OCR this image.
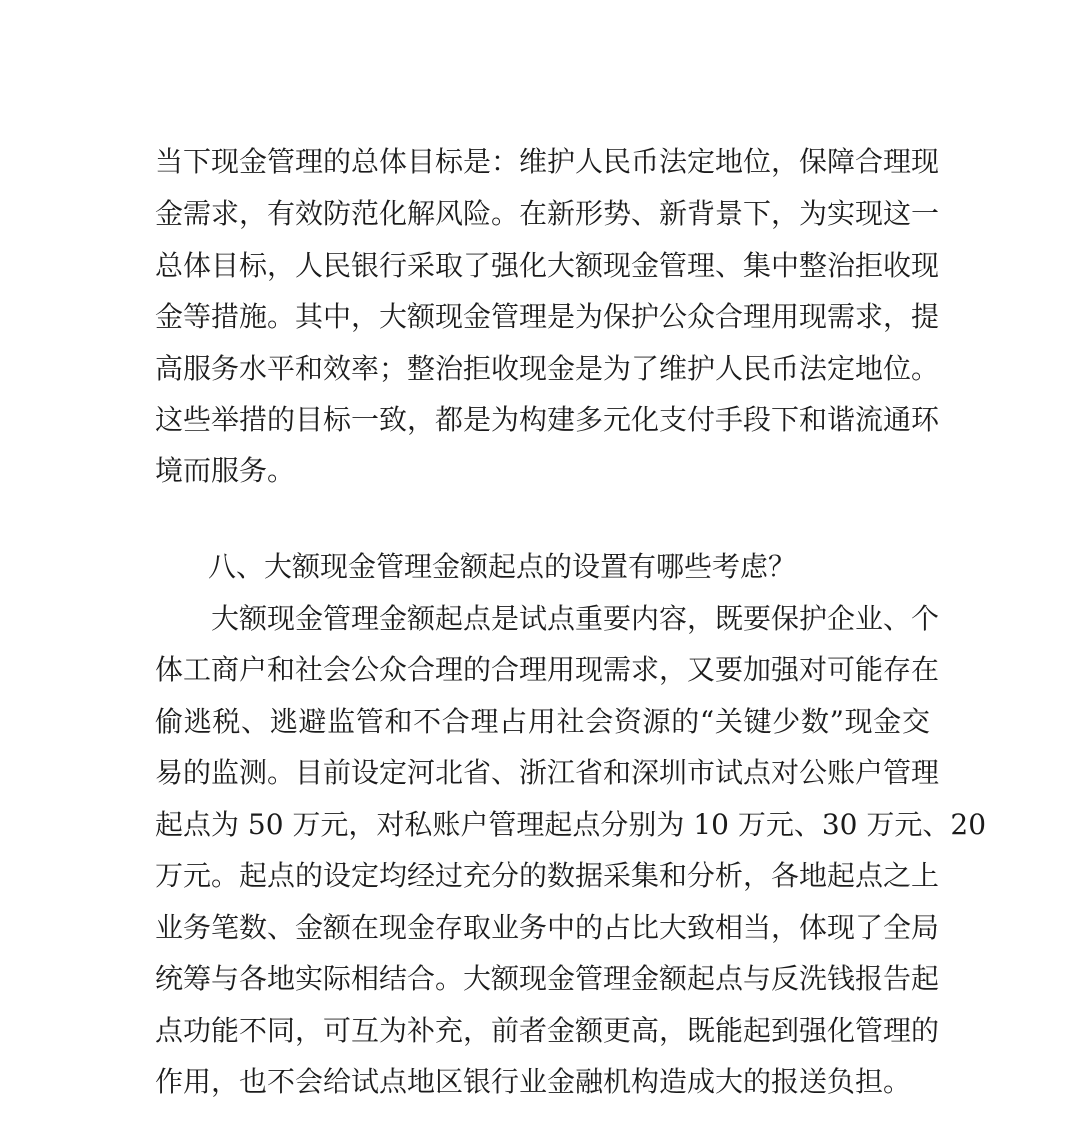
当下现金管理的总体目标是：维护人民币法定地位，保障合理现
金需求，有效防范化解风险。在新形势、新背景下，为实现这一
总体目标，人民银行采取了强化大额现金管理、集中整治拒收现
金等措施。其中，大额现金管理是为保护公众合理用现需求，提
高服务水平和效率；整治拒收现金是为了维护人民币法定地位。
这些举措的目标一致，都是为构建多元化支付手段下和谐流通环
境而服务。
八、大额现金管理金额起点的设置有哪些考虑？
大额现金管理金额起点是试点重要内容，既要保护企业、个
体工商户和社会公众合理的合理用现需求，又要加强对可能存在
偷逃税、逃避监管和不合理占用社会资源的“关键少数”现金交
易的监测。目前设定河北省、浙江省和深圳市试点对公账户管理
起点为 50 万元，对私账户管理起点分别为 10 万元、30 万元、20
万元。起点的设定均经过充分的数据采集和分析，各地起点之上
业务笔数、金额在现金存取业务中的占比大致相当，体现了全局
统筹与各地实际相结合。大额现金管理金额起点与反洗钱报告起
点功能不同，可互为补充，前者金额更高，既能起到强化管理的
作用，也不会给试点地区银行业金融机构造成大的报送负担。
